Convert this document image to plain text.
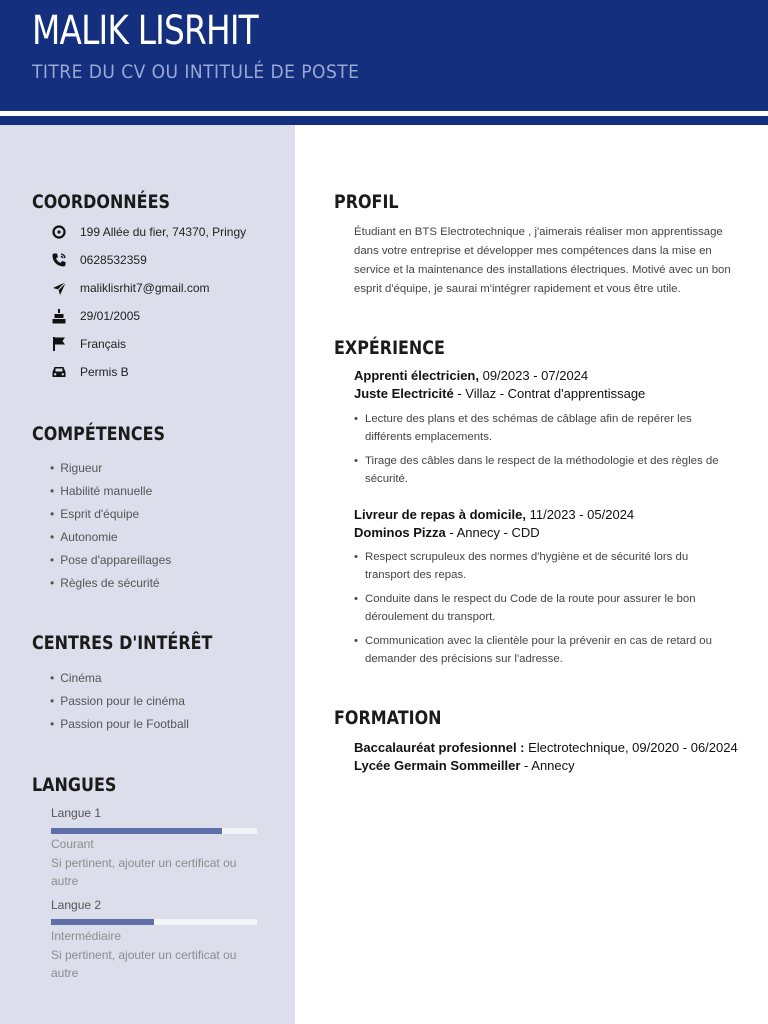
MALIK LISRHIT
TITRE DU CV OU INTITULÉ DE POSTE
COORDONNÉES
199 Allée du fier, 74370, Pringy
0628532359
maliklisrhit7@gmail.com
29/01/2005
Français
Permis B
COMPÉTENCES
• Rigueur
• Habilité manuelle
• Esprit d'équipe
• Autonomie
• Pose d'appareillages
• Règles de sécurité
CENTRES D'INTÉRÊT
• Cinéma
• Passion pour le cinéma
• Passion pour le Football
LANGUES
Langue 1
Courant
Si pertinent, ajouter un certificat ou autre
Langue 2
Intermédiaire
Si pertinent, ajouter un certificat ou autre
PROFIL

Étudiant en BTS Electrotechnique , j'aimerais réaliser mon apprentissage dans votre entreprise et développer mes compétences dans la mise en service et la maintenance des installations électriques. Motivé avec un bon esprit d'équipe, je saurai m'intégrer rapidement et vous être utile.

EXPÉRIENCE
Apprenti électricien, 09/2023 - 07/2024
Juste Electricité - Villaz - Contrat d'apprentissage
• Lecture des plans et des schémas de câblage afin de repérer les différents emplacements.
• Tirage des câbles dans le respect de la méthodologie et des règles de sécurité.
Livreur de repas à domicile, 11/2023 - 05/2024
Dominos Pizza - Annecy - CDD
• Respect scrupuleux des normes d'hygiène et de sécurité lors du transport des repas.
• Conduite dans le respect du Code de la route pour assurer le bon déroulement du transport.
• Communication avec la clientèle pour la prévenir en cas de retard ou demander des précisions sur l'adresse.
FORMATION
Baccalauréat profesionnel : Electrotechnique, 09/2020 - 06/2024
Lycée Germain Sommeiller - Annecy
